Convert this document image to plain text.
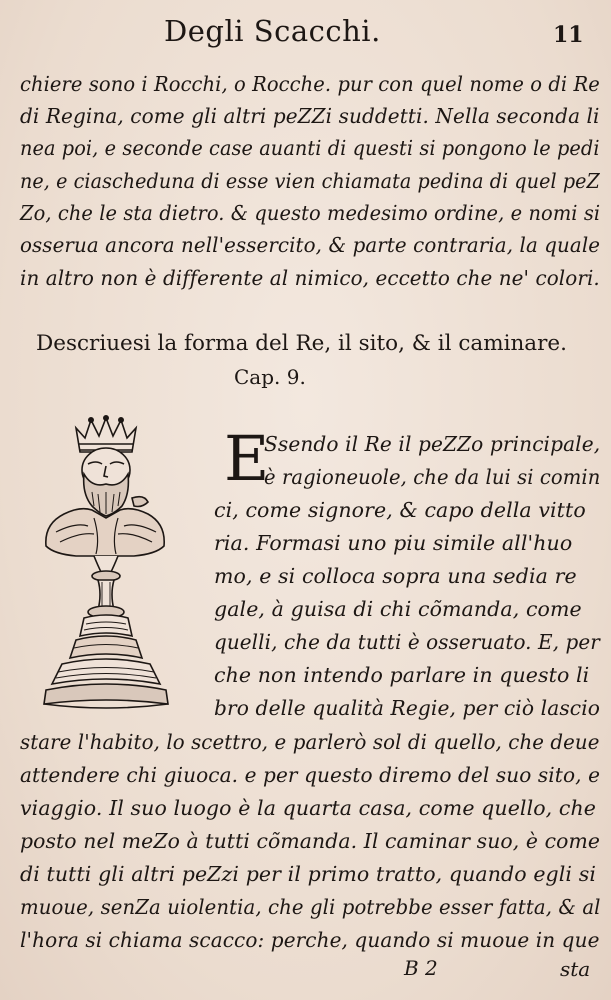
Degli Scacchi.	11
chiere sono i Rocchi, o Rocche. pur con quel nome o di Re
di Regina, come gli altri peZZi suddetti. Nella seconda li
nea poi, e seconde case auanti di questi si pongono le pedi
ne, e ciascheduna di esse vien chiamata pedina di quel peZ
Zo, che le sta dietro. & questo medesimo ordine, e nomi si
osserua ancora nell'essercito, & parte contraria, la quale
in altro non è differente al nimico, eccetto che ne' colori.
Descriuesi la forma del Re, il sito, & il caminare.
Cap. 9.
E
Ssendo il Re il peZZo principale,
è ragioneuole, che da lui si comin
ci, come signore, & capo della vitto
ria. Formasi uno piu simile all'huo
mo, e si colloca sopra una sedia re
gale, à guisa di chi cõmanda, come
quelli, che da tutti è osseruato. E, per
che non intendo parlare in questo li
bro delle qualità Regie, per ciò lascio
stare l'habito, lo scettro, e parlerò sol di quello, che deue
attendere chi giuoca. e per questo diremo del suo sito, e
viaggio. Il suo luogo è la quarta casa, come quello, che
posto nel meZo à tutti cõmanda. Il caminar suo, è come
di tutti gli altri peZzi per il primo tratto, quando egli si
muoue, senZa uiolentia, che gli potrebbe esser fatta, & al
l'hora si chiama scacco: perche, quando si muoue in que
B 2	sta
